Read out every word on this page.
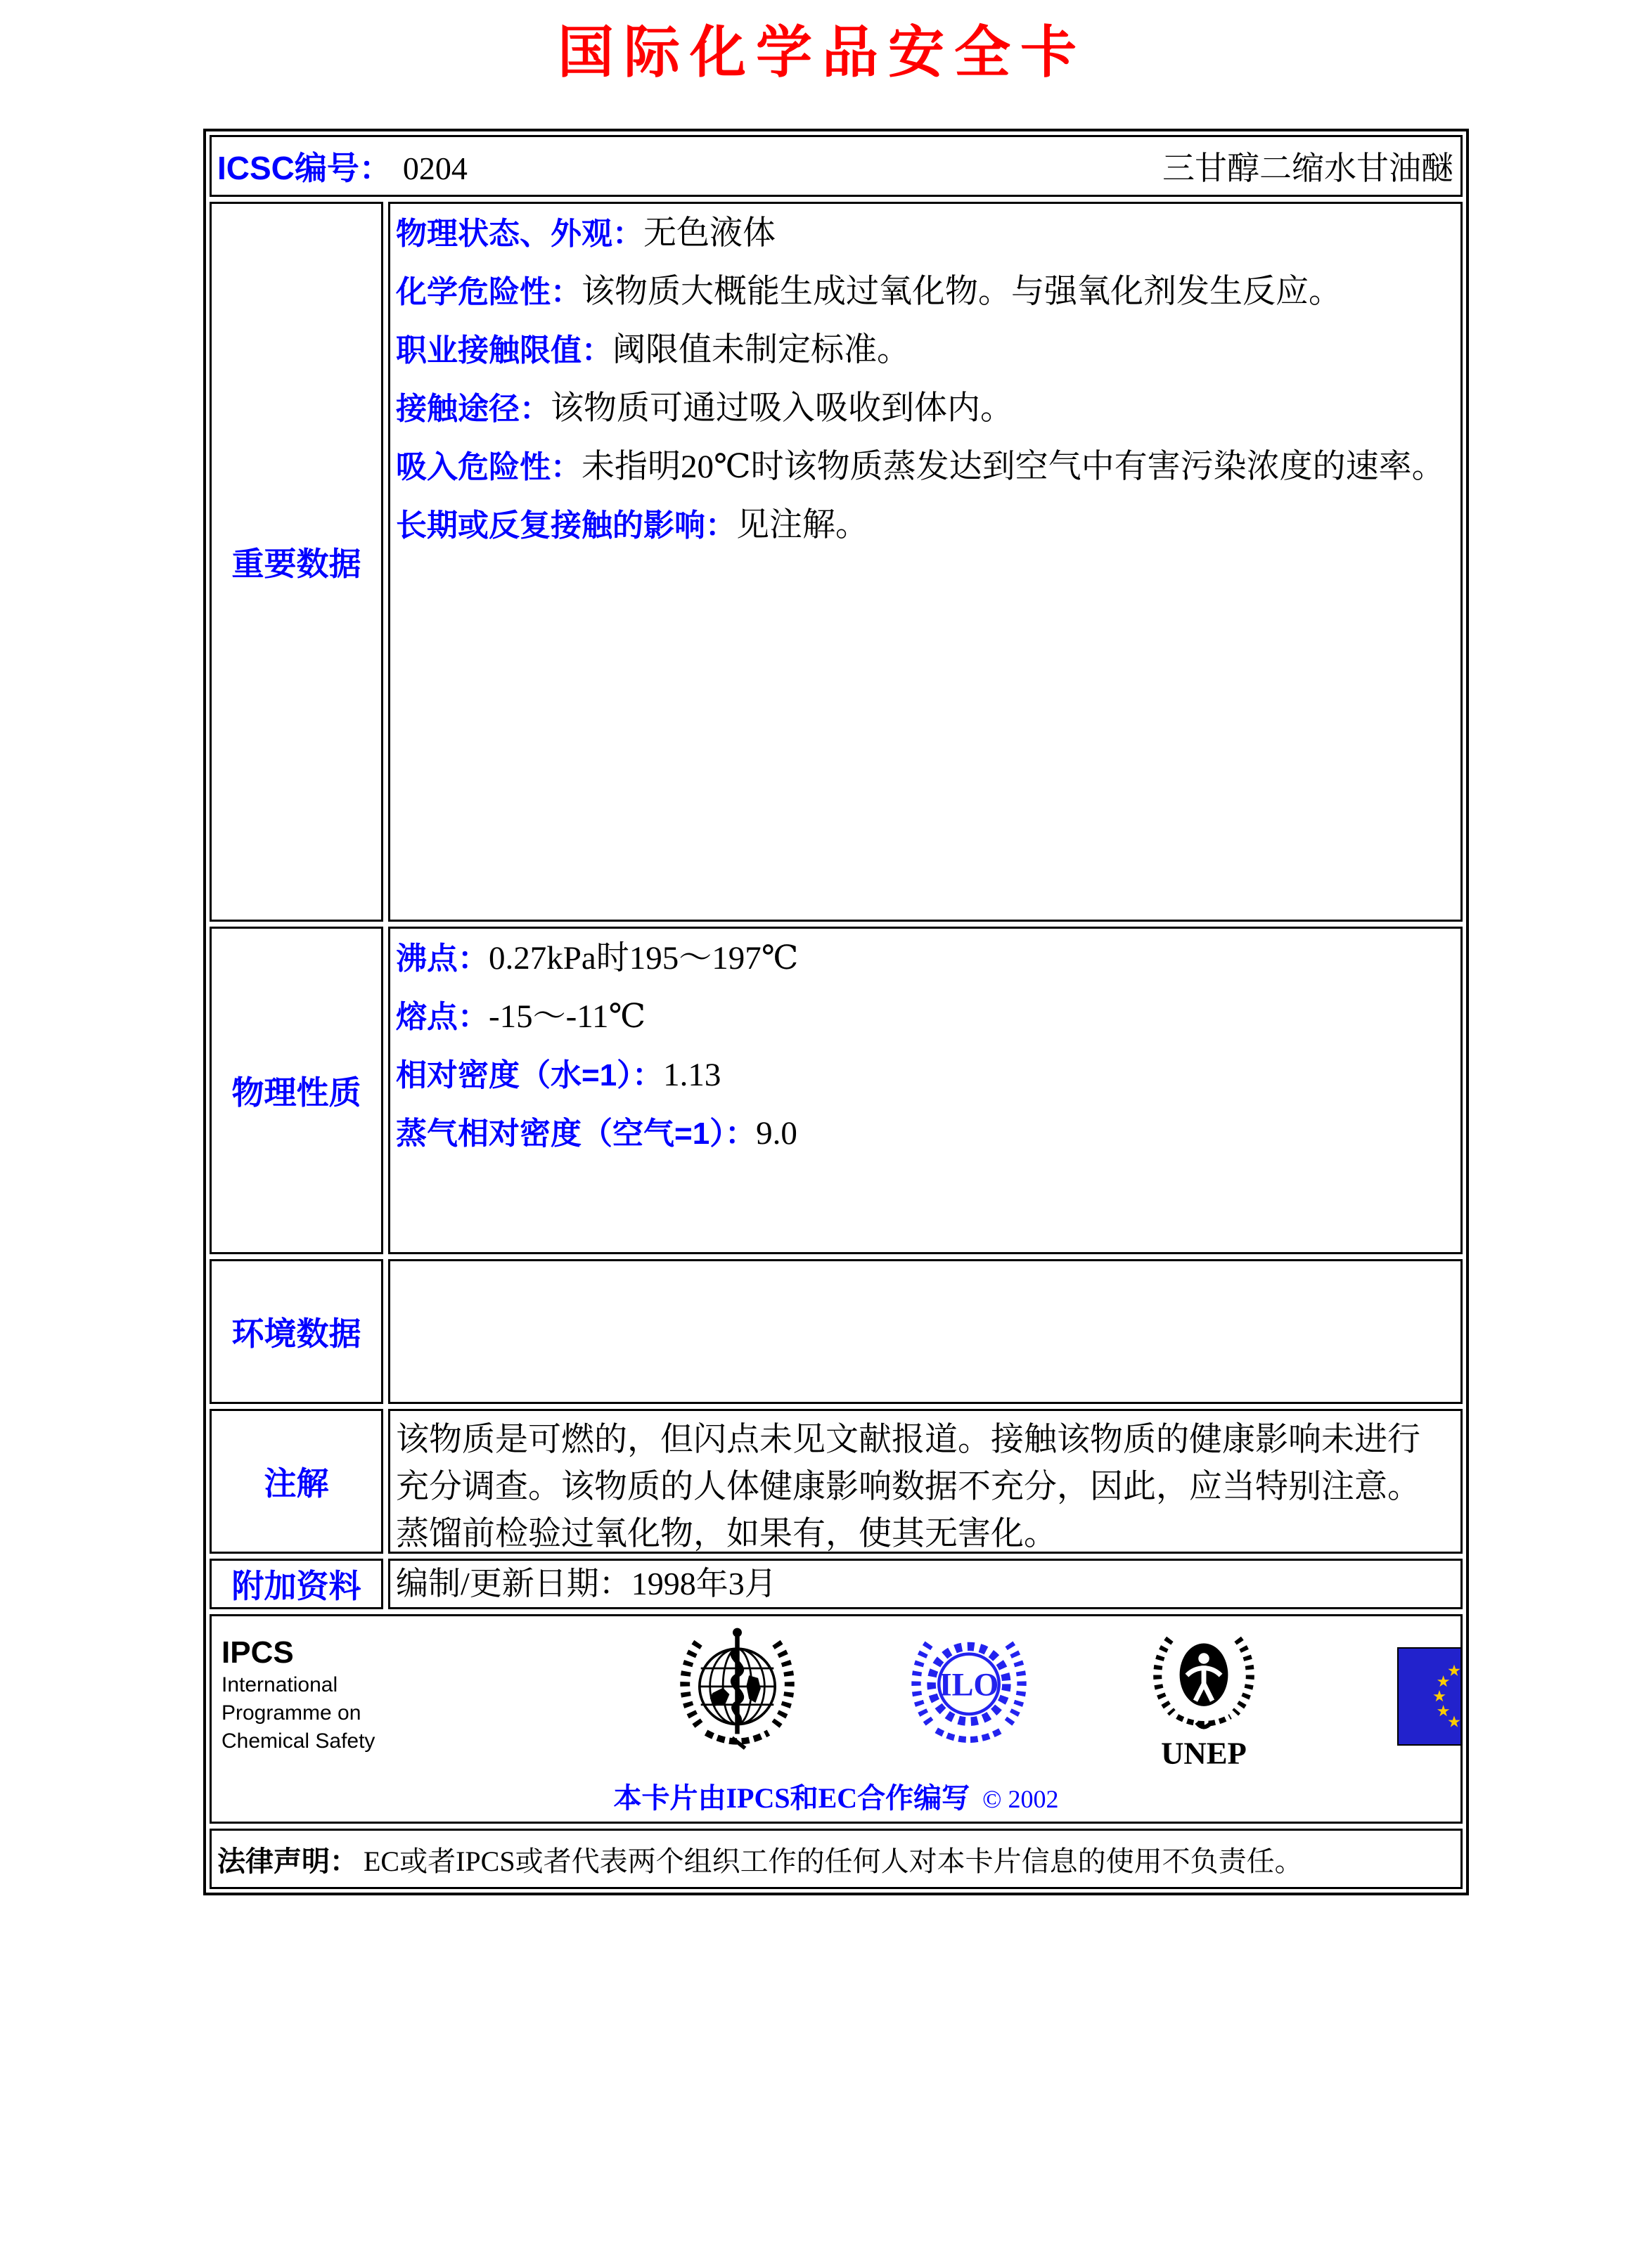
国际化学品安全卡
ICSC编号： 0204	三甘醇二缩水甘油醚
重要数据
物理状态、外观：无色液体
化学危险性：该物质大概能生成过氧化物。与强氧化剂发生反应。
职业接触限值：阈限值未制定标准。
接触途径：该物质可通过吸入吸收到体内。
吸入危险性：未指明20℃时该物质蒸发达到空气中有害污染浓度的速率。
长期或反复接触的影响：见注解。
物理性质
沸点：0.27kPa时195～197℃
熔点：-15～-11℃
相对密度（水=1）：1.13
蒸气相对密度（空气=1）：9.0
环境数据
注解
该物质是可燃的，但闪点未见文献报道。接触该物质的健康影响未进行充分调查。该物质的人体健康影响数据不充分，因此，应当特别注意。蒸馏前检验过氧化物，如果有，使其无害化。
附加资料 编制/更新日期：1998年3月
IPCS
International
Programme on
Chemical Safety
ILO
UNEP
本卡片由IPCS和EC合作编写 © 2002
法律声明： EC或者IPCS或者代表两个组织工作的任何人对本卡片信息的使用不负责任。
